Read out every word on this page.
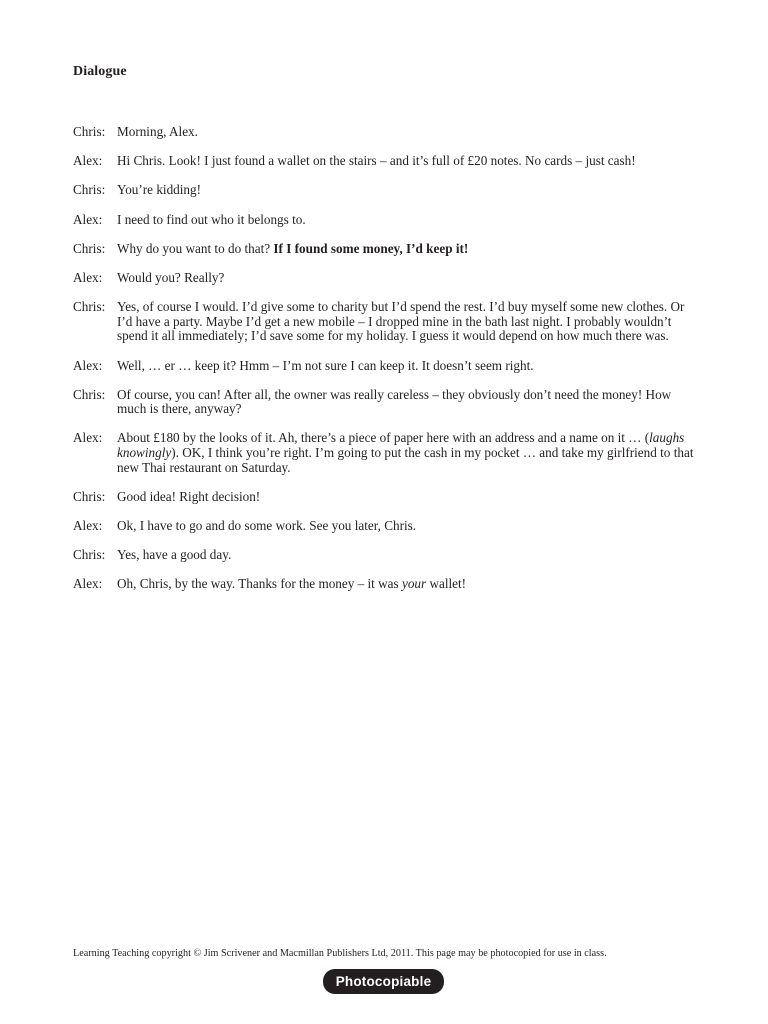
Dialogue
Chris: Morning, Alex.
Alex:	Hi Chris. Look! I just found a wallet on the stairs – and it’s full of £20 notes. No cards – just cash!
Chris: You’re kidding!
Alex:	I need to find out who it belongs to.
Chris: Why do you want to do that? If I found some money, I’d keep it!
Alex:	Would you? Really?
Chris: Yes, of course I would. I’d give some to charity but I’d spend the rest. I’d buy myself some new clothes. Or I’d have a party. Maybe I’d get a new mobile – I dropped mine in the bath last night. I probably wouldn’t spend it all immediately; I’d save some for my holiday. I guess it would depend on how much there was.
Alex:	Well, … er … keep it? Hmm – I’m not sure I can keep it. It doesn’t seem right.
Chris: Of course, you can! After all, the owner was really careless – they obviously don’t need the money! How much is there, anyway?
Alex:	About £180 by the looks of it. Ah, there’s a piece of paper here with an address and a name on it … (laughs knowingly). OK, I think you’re right. I’m going to put the cash in my pocket … and take my girlfriend to that new Thai restaurant on Saturday.
Chris: Good idea! Right decision!
Alex:	Ok, I have to go and do some work. See you later, Chris.
Chris: Yes, have a good day.
Alex:	Oh, Chris, by the way. Thanks for the money – it was your wallet!
Learning Teaching copyright © Jim Scrivener and Macmillan Publishers Ltd, 2011. This page may be photocopied for use in class.
Photocopiable
